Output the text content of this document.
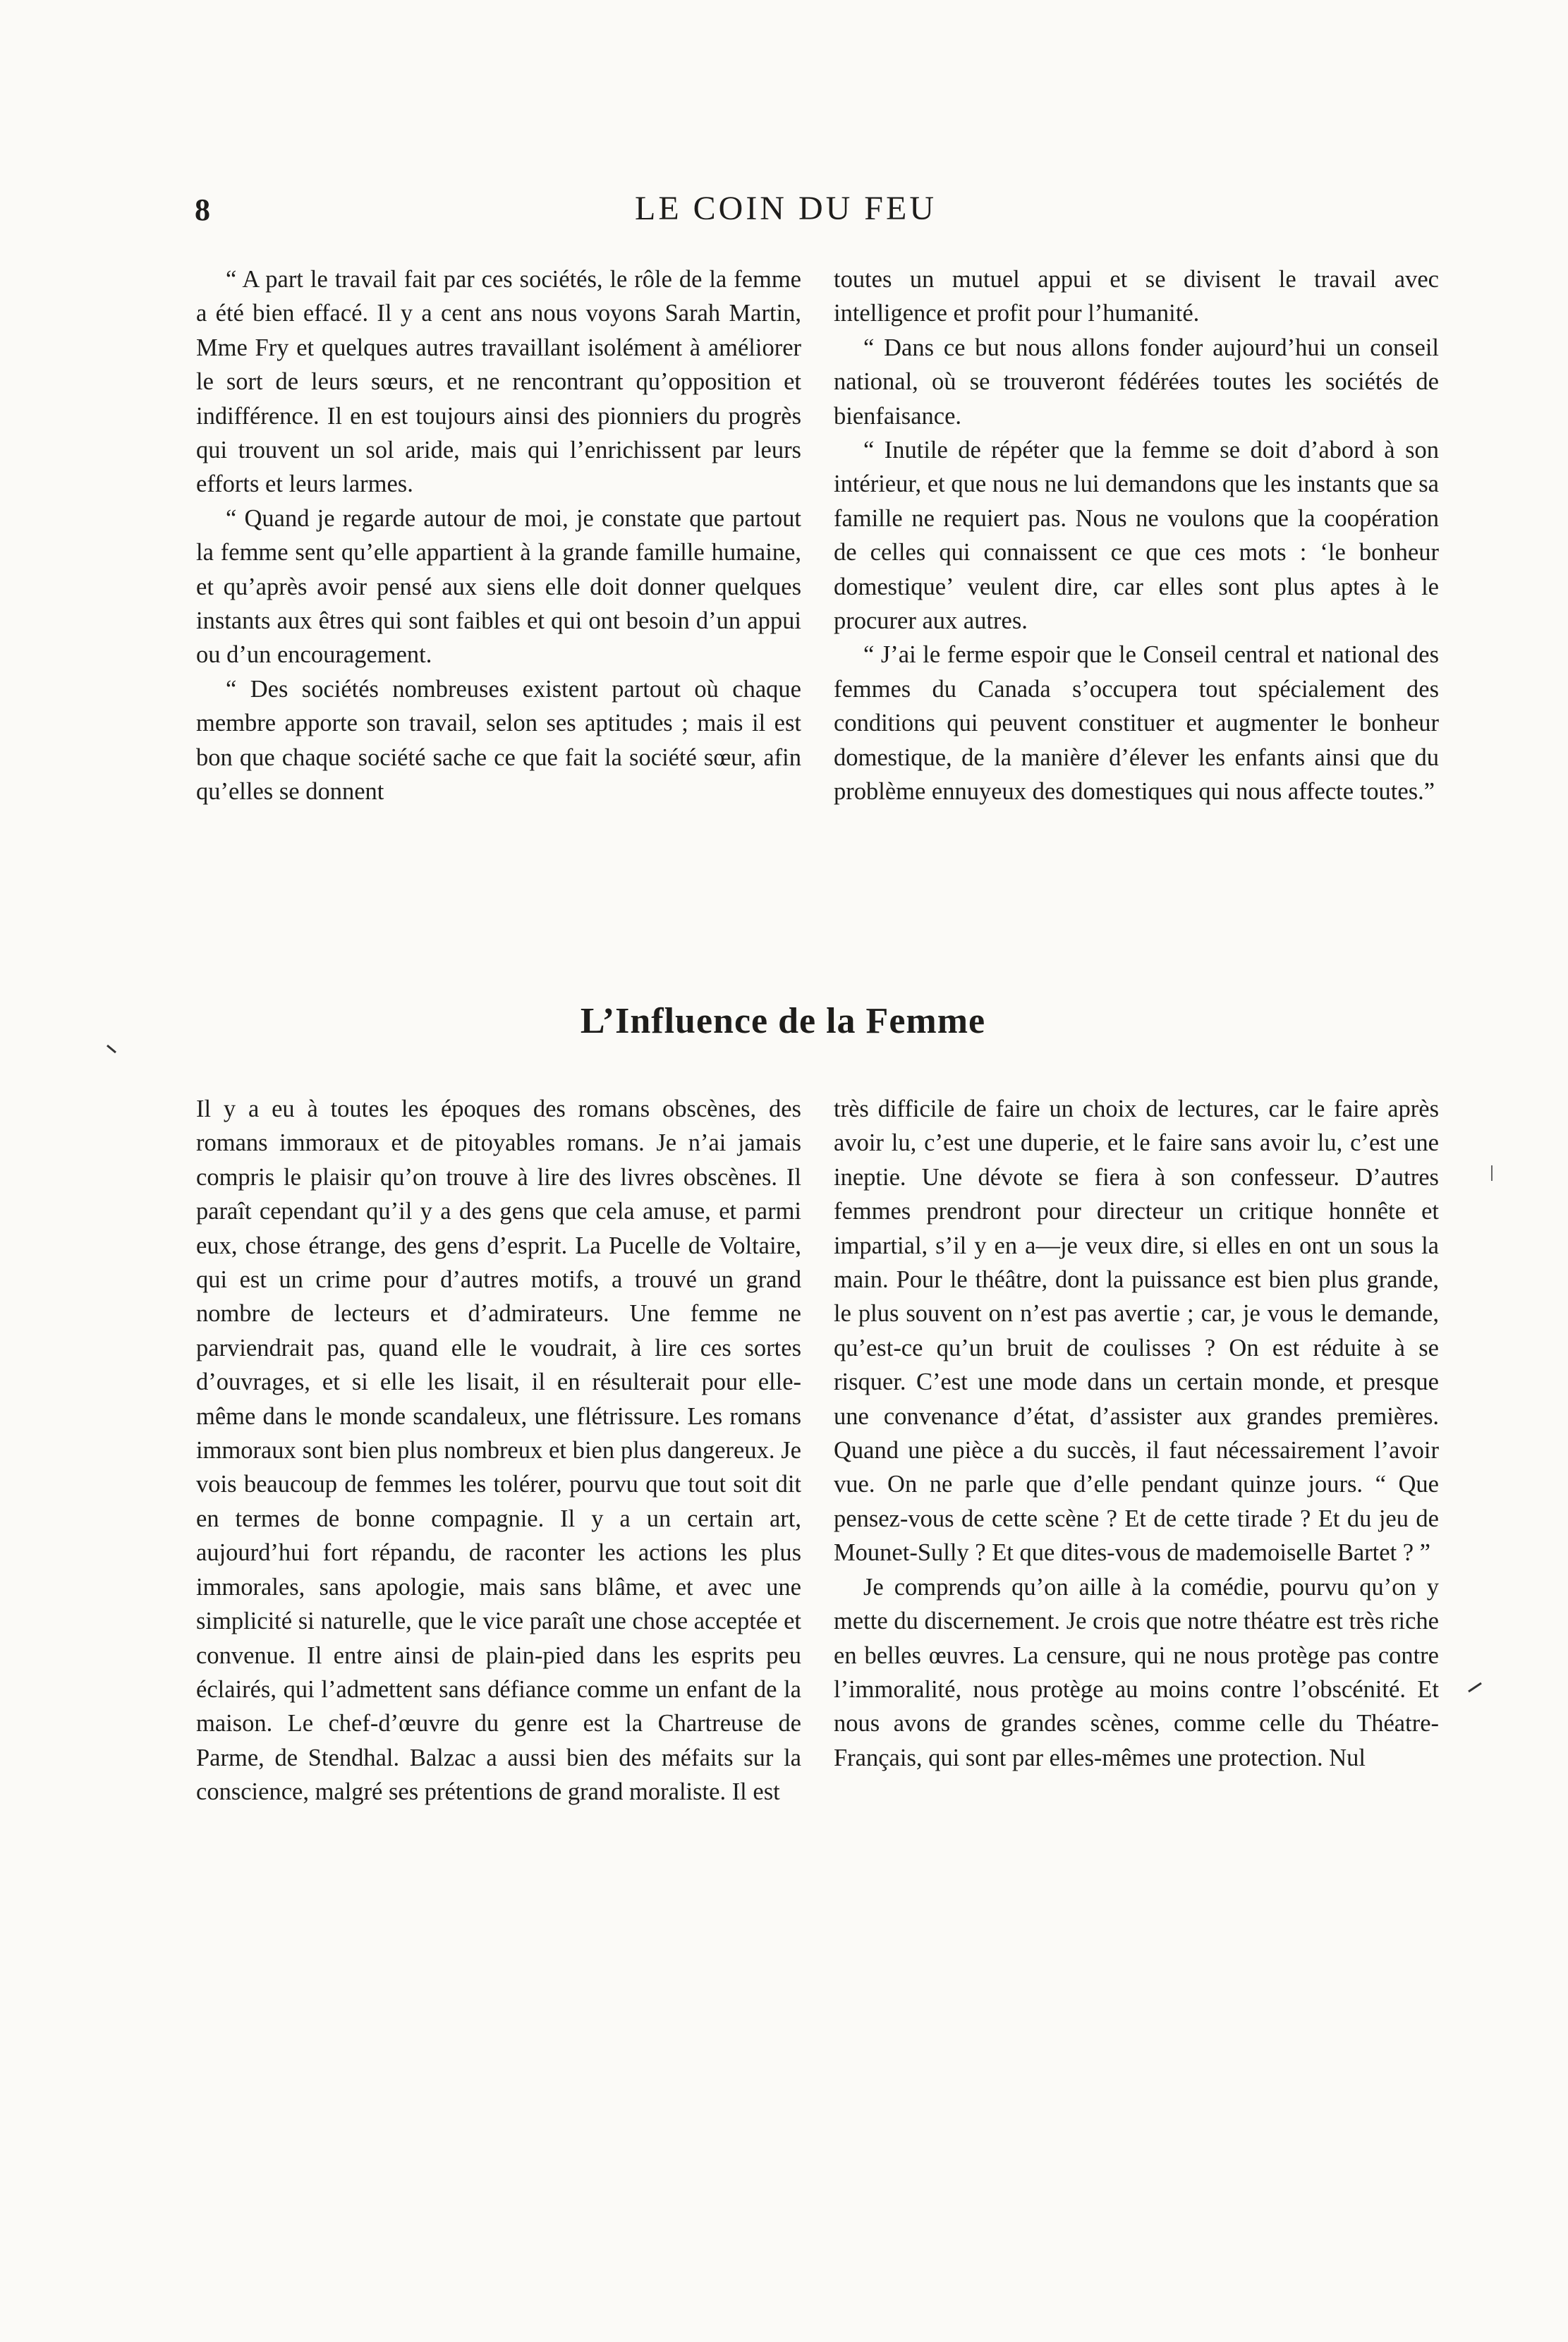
8	LE COIN DU FEU

“ A part le travail fait par ces sociétés, le rôle de la femme a été bien effacé. Il y a cent ans nous voyons Sarah Martin, Mme Fry et quelques autres travaillant isolément à améliorer le sort de leurs sœurs, et ne rencontrant qu’opposition et indifférence. Il en est toujours ainsi des pionniers du progrès qui trouvent un sol aride, mais qui l’enrichissent par leurs efforts et leurs larmes.

“ Quand je regarde autour de moi, je constate que partout la femme sent qu’elle appartient à la grande famille humaine, et qu’après avoir pensé aux siens elle doit donner quelques instants aux êtres qui sont faibles et qui ont besoin d’un appui ou d’un encouragement.

“ Des sociétés nombreuses existent partout où chaque membre apporte son travail, selon ses aptitudes ; mais il est bon que chaque société sache ce que fait la société sœur, afin qu’elles se donnent

toutes un mutuel appui et se divisent le travail avec intelligence et profit pour l’humanité.

“ Dans ce but nous allons fonder aujourd’hui un conseil national, où se trouveront fédérées toutes les sociétés de bienfaisance.

“ Inutile de répéter que la femme se doit d’abord à son intérieur, et que nous ne lui demandons que les instants que sa famille ne requiert pas. Nous ne voulons que la coopération de celles qui connaissent ce que ces mots : ‘le bonheur domestique’ veulent dire, car elles sont plus aptes à le procurer aux autres.

“ J’ai le ferme espoir que le Conseil central et national des femmes du Canada s’occupera tout spécialement des conditions qui peuvent constituer et augmenter le bonheur domestique, de la manière d’élever les enfants ainsi que du problème ennuyeux des domestiques qui nous affecte toutes.”

L’Influence de la Femme

Il y a eu à toutes les époques des romans obscènes, des romans immoraux et de pitoyables romans. Je n’ai jamais compris le plaisir qu’on trouve à lire des livres obscènes. Il paraît cependant qu’il y a des gens que cela amuse, et parmi eux, chose étrange, des gens d’esprit. La Pucelle de Voltaire, qui est un crime pour d’autres motifs, a trouvé un grand nombre de lecteurs et d’admirateurs. Une femme ne parviendrait pas, quand elle le voudrait, à lire ces sortes d’ouvrages, et si elle les lisait, il en résulterait pour elle-même dans le monde scandaleux, une flétrissure. Les romans immoraux sont bien plus nombreux et bien plus dangereux. Je vois beaucoup de femmes les tolérer, pourvu que tout soit dit en termes de bonne compagnie. Il y a un certain art, aujourd’hui fort répandu, de raconter les actions les plus immorales, sans apologie, mais sans blâme, et avec une simplicité si naturelle, que le vice paraît une chose acceptée et convenue. Il entre ainsi de plain-pied dans les esprits peu éclairés, qui l’admettent sans défiance comme un enfant de la maison. Le chef-d’œuvre du genre est la Chartreuse de Parme, de Stendhal. Balzac a aussi bien des méfaits sur la conscience, malgré ses prétentions de grand moraliste. Il est

très difficile de faire un choix de lectures, car le faire après avoir lu, c’est une duperie, et le faire sans avoir lu, c’est une ineptie. Une dévote se fiera à son confesseur. D’autres femmes prendront pour directeur un critique honnête et impartial, s’il y en a—je veux dire, si elles en ont un sous la main. Pour le théâtre, dont la puissance est bien plus grande, le plus souvent on n’est pas avertie ; car, je vous le demande, qu’est-ce qu’un bruit de coulisses ? On est réduite à se risquer. C’est une mode dans un certain monde, et presque une convenance d’état, d’assister aux grandes premières. Quand une pièce a du succès, il faut nécessairement l’avoir vue. On ne parle que d’elle pendant quinze jours. “ Que pensez-vous de cette scène ? Et de cette tirade ? Et du jeu de Mounet-Sully ? Et que dites-vous de mademoiselle Bartet ? ”

Je comprends qu’on aille à la comédie, pourvu qu’on y mette du discernement. Je crois que notre théatre est très riche en belles œuvres. La censure, qui ne nous protège pas contre l’immoralité, nous protège au moins contre l’obscénité. Et nous avons de grandes scènes, comme celle du Théatre-Français, qui sont par elles-mêmes une protection. Nul
